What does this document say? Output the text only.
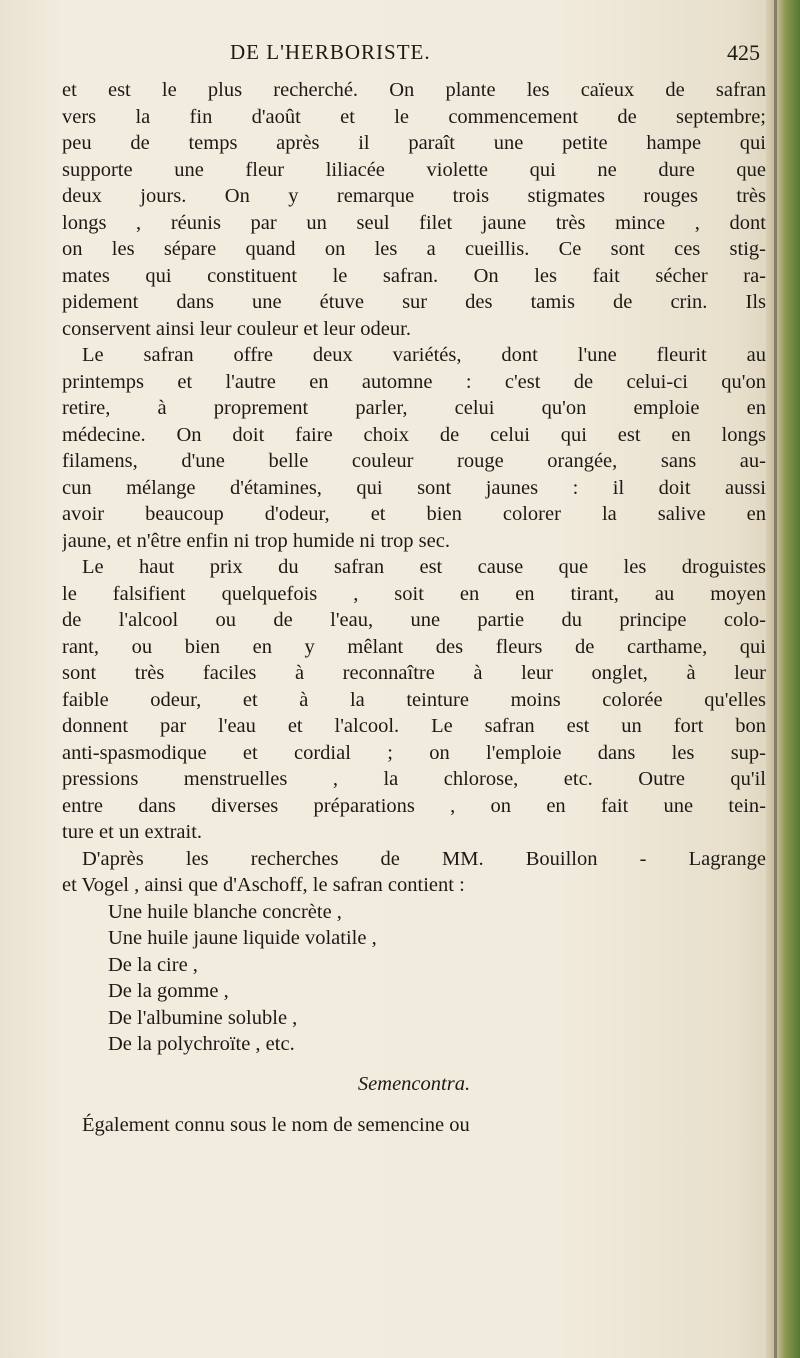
DE L'HERBORISTE.	425
et est le plus recherché. On plante les caïeux de safran
vers la fin d'août et le commencement de septembre;
peu de temps après il paraît une petite hampe qui
supporte une fleur liliacée violette qui ne dure que
deux jours. On y remarque trois stigmates rouges très
longs , réunis par un seul filet jaune très mince , dont
on les sépare quand on les a cueillis. Ce sont ces stig-
mates qui constituent le safran. On les fait sécher ra-
pidement dans une étuve sur des tamis de crin. Ils
conservent ainsi leur couleur et leur odeur.
Le safran offre deux variétés, dont l'une fleurit au
printemps et l'autre en automne : c'est de celui-ci qu'on
retire, à proprement parler, celui qu'on emploie en
médecine. On doit faire choix de celui qui est en longs
filamens, d'une belle couleur rouge orangée, sans au-
cun mélange d'étamines, qui sont jaunes : il doit aussi
avoir beaucoup d'odeur, et bien colorer la salive en
jaune, et n'être enfin ni trop humide ni trop sec.
Le haut prix du safran est cause que les droguistes
le falsifient quelquefois , soit en en tirant, au moyen
de l'alcool ou de l'eau, une partie du principe colo-
rant, ou bien en y mêlant des fleurs de carthame, qui
sont très faciles à reconnaître à leur onglet, à leur
faible odeur, et à la teinture moins colorée qu'elles
donnent par l'eau et l'alcool. Le safran est un fort bon
anti-spasmodique et cordial ; on l'emploie dans les sup-
pressions menstruelles , la chlorose, etc. Outre qu'il
entre dans diverses préparations , on en fait une tein-
ture et un extrait.
D'après les recherches de MM. Bouillon - Lagrange
et Vogel , ainsi que d'Aschoff, le safran contient :
Une huile blanche concrète ,
Une huile jaune liquide volatile ,
De la cire ,
De la gomme ,
De l'albumine soluble ,
De la polychroïte , etc.
Semencontra.
Également connu sous le nom de semencine ou
